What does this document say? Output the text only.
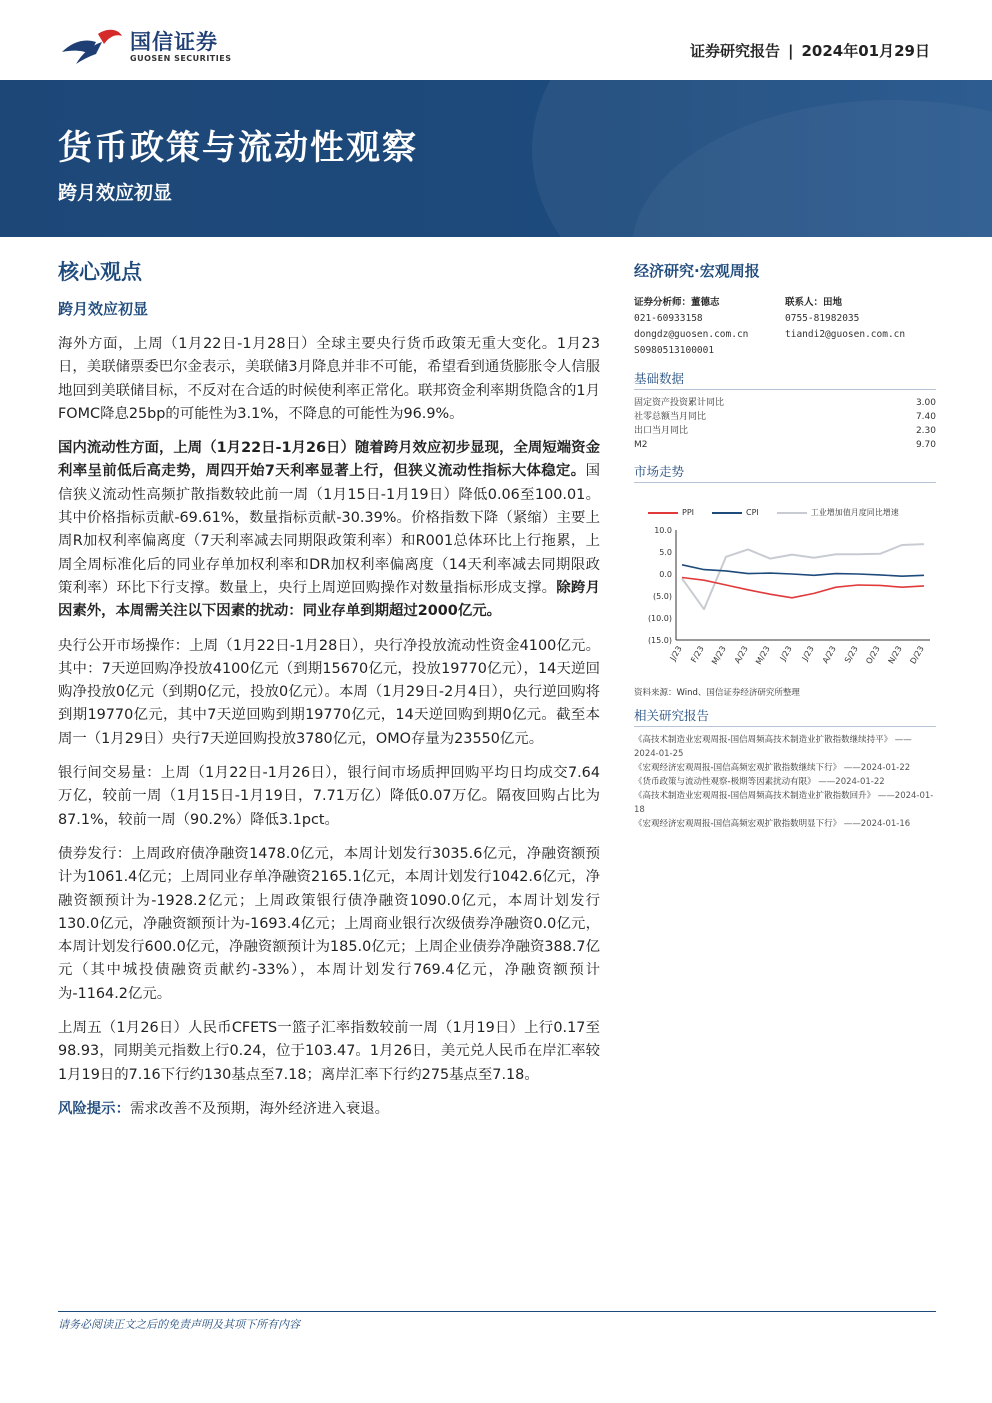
国信证券
GUOSEN SECURITIES	证券研究报告 | 2024年01月29日
货币政策与流动性观察
跨月效应初显
核心观点
跨月效应初显

海外方面，上周（1月22日-1月28日）全球主要央行货币政策无重大变化。1月23日，美联储票委巴尔金表示，美联储3月降息并非不可能，希望看到通货膨胀令人信服地回到美联储目标，不反对在合适的时候使利率正常化。联邦资金利率期货隐含的1月FOMC降息25bp的可能性为3.1%，不降息的可能性为96.9%。

国内流动性方面，上周（1月22日-1月26日）随着跨月效应初步显现，全周短端资金利率呈前低后高走势，周四开始7天利率显著上行，但狭义流动性指标大体稳定。国信狭义流动性高频扩散指数较此前一周（1月15日-1月19日）降低0.06至100.01。其中价格指标贡献-69.61%，数量指标贡献-30.39%。价格指数下降（紧缩）主要上周R加权利率偏离度（7天利率减去同期限政策利率）和R001总体环比上行拖累，上周全周标准化后的同业存单加权利率和DR加权利率偏离度（14天利率减去同期限政策利率）环比下行支撑。数量上，央行上周逆回购操作对数量指标形成支撑。除跨月因素外，本周需关注以下因素的扰动：同业存单到期超过2000亿元。

央行公开市场操作：上周（1月22日-1月28日），央行净投放流动性资金4100亿元。其中：7天逆回购净投放4100亿元（到期15670亿元，投放19770亿元），14天逆回购净投放0亿元（到期0亿元，投放0亿元）。本周（1月29日-2月4日），央行逆回购将到期19770亿元，其中7天逆回购到期19770亿元，14天逆回购到期0亿元。截至本周一（1月29日）央行7天逆回购投放3780亿元，OMO存量为23550亿元。

银行间交易量：上周（1月22日-1月26日），银行间市场质押回购平均日均成交7.64万亿，较前一周（1月15日-1月19日，7.71万亿）降低0.07万亿。隔夜回购占比为87.1%，较前一周（90.2%）降低3.1pct。

债券发行：上周政府债净融资1478.0亿元，本周计划发行3035.6亿元，净融资额预计为1061.4亿元；上周同业存单净融资2165.1亿元，本周计划发行1042.6亿元，净融资额预计为-1928.2亿元；上周政策银行债净融资1090.0亿元，本周计划发行130.0亿元，净融资额预计为-1693.4亿元；上周商业银行次级债券净融资0.0亿元，本周计划发行600.0亿元，净融资额预计为185.0亿元；上周企业债券净融资388.7亿元（其中城投债融资贡献约-33%），本周计划发行769.4亿元，净融资额预计为-1164.2亿元。

上周五（1月26日）人民币CFETS一篮子汇率指数较前一周（1月19日）上行0.17至98.93，同期美元指数上行0.24，位于103.47。1月26日，美元兑人民币在岸汇率较1月19日的7.16下行约130基点至7.18；离岸汇率下行约275基点至7.18。

风险提示：需求改善不及预期，海外经济进入衰退。

经济研究·宏观周报
证券分析师：董德志
021-60933158
dongdz@guosen.com.cn
S0980513100001
联系人：田地
0755-81982035
tiandi2@guosen.com.cn
基础数据
固定资产投资累计同比	3.00
社零总额当月同比	7.40
出口当月同比	2.30
M2	9.70
市场走势
PPI	CPI	工业增加值月度同比增速
10.0
5.0
0.0
(5.0)
(10.0)
(15.0)
J/23 F/23 M/23 A/23 M/23 J/23 J/23 A/23 S/23 O/23 N/23 D/23
资料来源：Wind、国信证券经济研究所整理
相关研究报告
《高技术制造业宏观周报-国信周频高技术制造业扩散指数继续持平》 ——2024-01-25
《宏观经济宏观周报-国信高频宏观扩散指数继续下行》 ——2024-01-22
《货币政策与流动性观察-极期等因素扰动有限》 ——2024-01-22
《高技术制造业宏观周报-国信周频高技术制造业扩散指数回升》 ——2024-01-18
《宏观经济宏观周报-国信高频宏观扩散指数明显下行》 ——2024-01-16
请务必阅读正文之后的免责声明及其项下所有内容
